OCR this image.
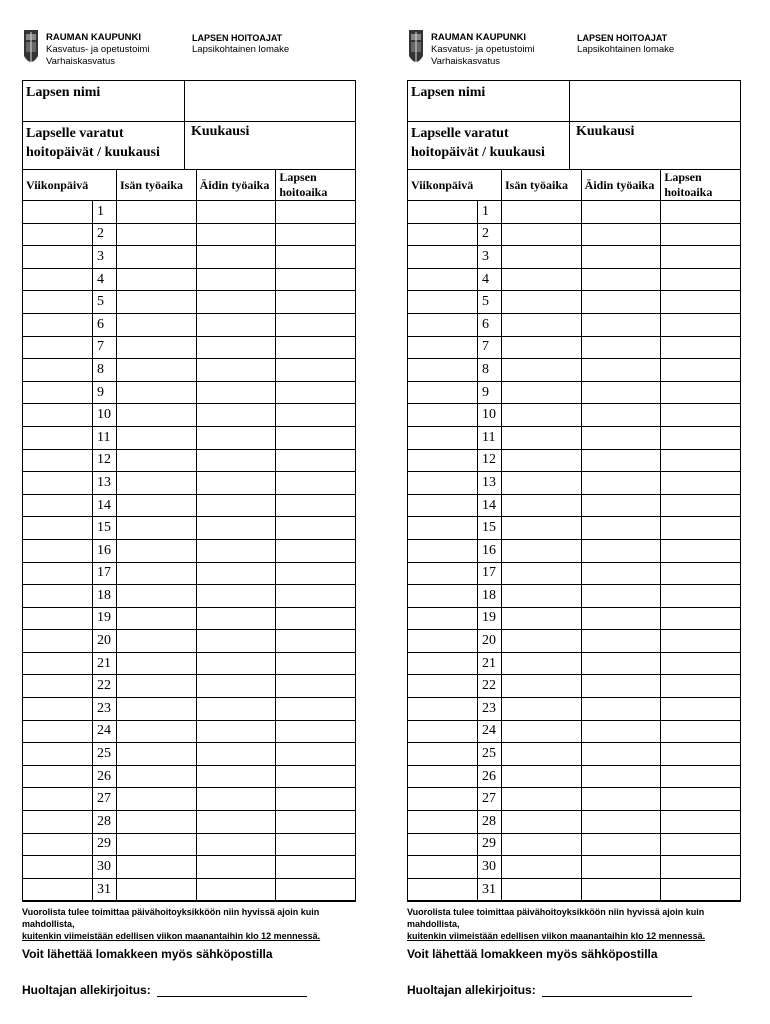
RAUMAN KAUPUNKI
Kasvatus- ja opetustoimi
Varhaiskasvatus
LAPSEN HOITOAJAT
Lapsikohtainen lomake
Lapsen nimi
Lapselle varatut hoitopäivät / kuukausi
Kuukausi
Viikonpäivä		Isän työaika	Äidin työaika	Lapsen hoitoaika
	1			
	2			
	3			
	4			
	5			
	6			
	7			
	8			
	9			
	10			
	11			
	12			
	13			
	14			
	15			
	16			
	17			
	18			
	19			
	20			
	21			
	22			
	23			
	24			
	25			
	26			
	27			
	28			
	29			
	30			
	31			
Vuorolista tulee toimittaa päivähoitoyksikköön niin hyvissä ajoin kuin mahdollista,
kuitenkin viimeistään edellisen viikon maanantaihin klo 12 mennessä.
Voit lähettää lomakkeen myös sähköpostilla
Huoltajan allekirjoitus:
RAUMAN KAUPUNKI
Kasvatus- ja opetustoimi
Varhaiskasvatus
LAPSEN HOITOAJAT
Lapsikohtainen lomake
Lapsen nimi
Lapselle varatut hoitopäivät / kuukausi
Kuukausi
Viikonpäivä		Isän työaika	Äidin työaika	Lapsen hoitoaika
	1			
	2			
	3			
	4			
	5			
	6			
	7			
	8			
	9			
	10			
	11			
	12			
	13			
	14			
	15			
	16			
	17			
	18			
	19			
	20			
	21			
	22			
	23			
	24			
	25			
	26			
	27			
	28			
	29			
	30			
	31			
Vuorolista tulee toimittaa päivähoitoyksikköön niin hyvissä ajoin kuin mahdollista,
kuitenkin viimeistään edellisen viikon maanantaihin klo 12 mennessä.
Voit lähettää lomakkeen myös sähköpostilla
Huoltajan allekirjoitus:
